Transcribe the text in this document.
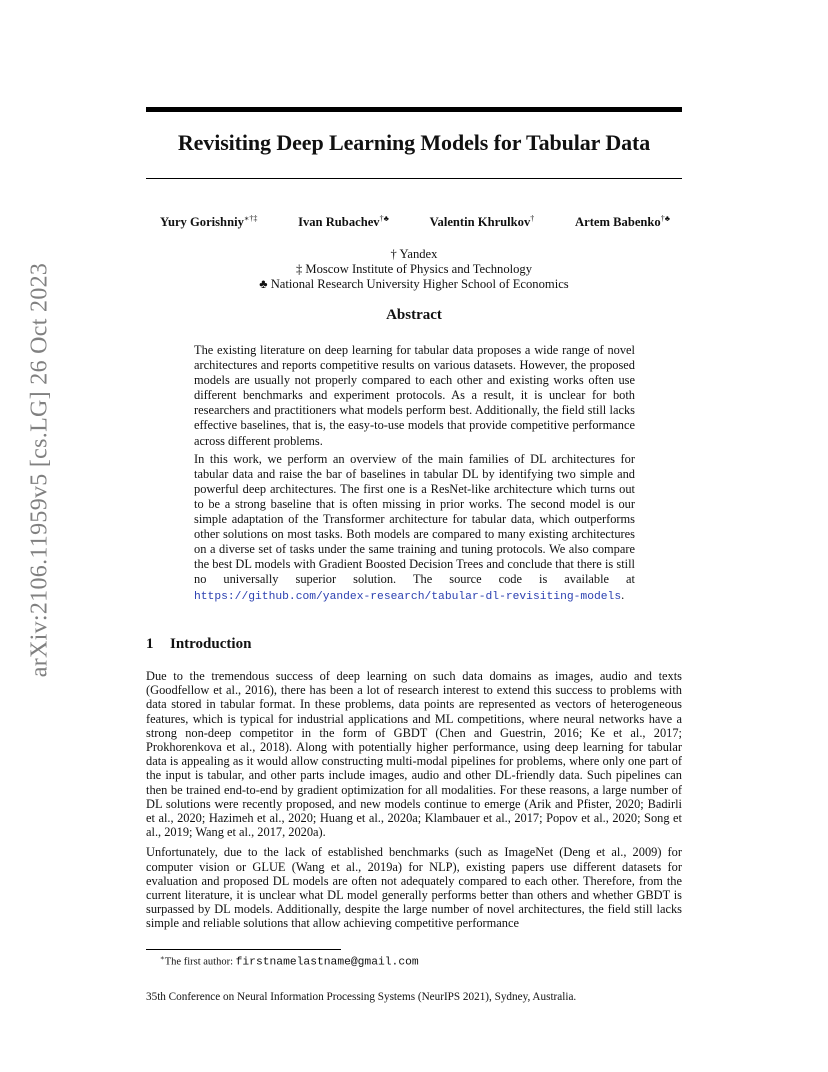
arXiv:2106.11959v5 [cs.LG] 26 Oct 2023
Revisiting Deep Learning Models for Tabular Data
Yury Gorishniy∗†‡	Ivan Rubachev†♣	Valentin Khrulkov†	Artem Babenko†♣
† Yandex
‡ Moscow Institute of Physics and Technology
♣ National Research University Higher School of Economics
Abstract

The existing literature on deep learning for tabular data proposes a wide range of novel architectures and reports competitive results on various datasets. However, the proposed models are usually not properly compared to each other and existing works often use different benchmarks and experiment protocols. As a result, it is unclear for both researchers and practitioners what models perform best. Additionally, the field still lacks effective baselines, that is, the easy-to-use models that provide competitive performance across different problems.

In this work, we perform an overview of the main families of DL architectures for tabular data and raise the bar of baselines in tabular DL by identifying two simple and powerful deep architectures. The first one is a ResNet-like architecture which turns out to be a strong baseline that is often missing in prior works. The second model is our simple adaptation of the Transformer architecture for tabular data, which outperforms other solutions on most tasks. Both models are compared to many existing architectures on a diverse set of tasks under the same training and tuning protocols. We also compare the best DL models with Gradient Boosted Decision Trees and conclude that there is still no universally superior solution. The source code is available at https://github.com/yandex-research/tabular-dl-revisiting-models.

1 Introduction

Due to the tremendous success of deep learning on such data domains as images, audio and texts (Goodfellow et al., 2016), there has been a lot of research interest to extend this success to problems with data stored in tabular format. In these problems, data points are represented as vectors of heterogeneous features, which is typical for industrial applications and ML competitions, where neural networks have a strong non-deep competitor in the form of GBDT (Chen and Guestrin, 2016; Ke et al., 2017; Prokhorenkova et al., 2018). Along with potentially higher performance, using deep learning for tabular data is appealing as it would allow constructing multi-modal pipelines for problems, where only one part of the input is tabular, and other parts include images, audio and other DL-friendly data. Such pipelines can then be trained end-to-end by gradient optimization for all modalities. For these reasons, a large number of DL solutions were recently proposed, and new models continue to emerge (Arik and Pfister, 2020; Badirli et al., 2020; Hazimeh et al., 2020; Huang et al., 2020a; Klambauer et al., 2017; Popov et al., 2020; Song et al., 2019; Wang et al., 2017, 2020a).

Unfortunately, due to the lack of established benchmarks (such as ImageNet (Deng et al., 2009) for computer vision or GLUE (Wang et al., 2019a) for NLP), existing papers use different datasets for evaluation and proposed DL models are often not adequately compared to each other. Therefore, from the current literature, it is unclear what DL model generally performs better than others and whether GBDT is surpassed by DL models. Additionally, despite the large number of novel architectures, the field still lacks simple and reliable solutions that allow achieving competitive performance

∗The first author: firstnamelastname@gmail.com
35th Conference on Neural Information Processing Systems (NeurIPS 2021), Sydney, Australia.
